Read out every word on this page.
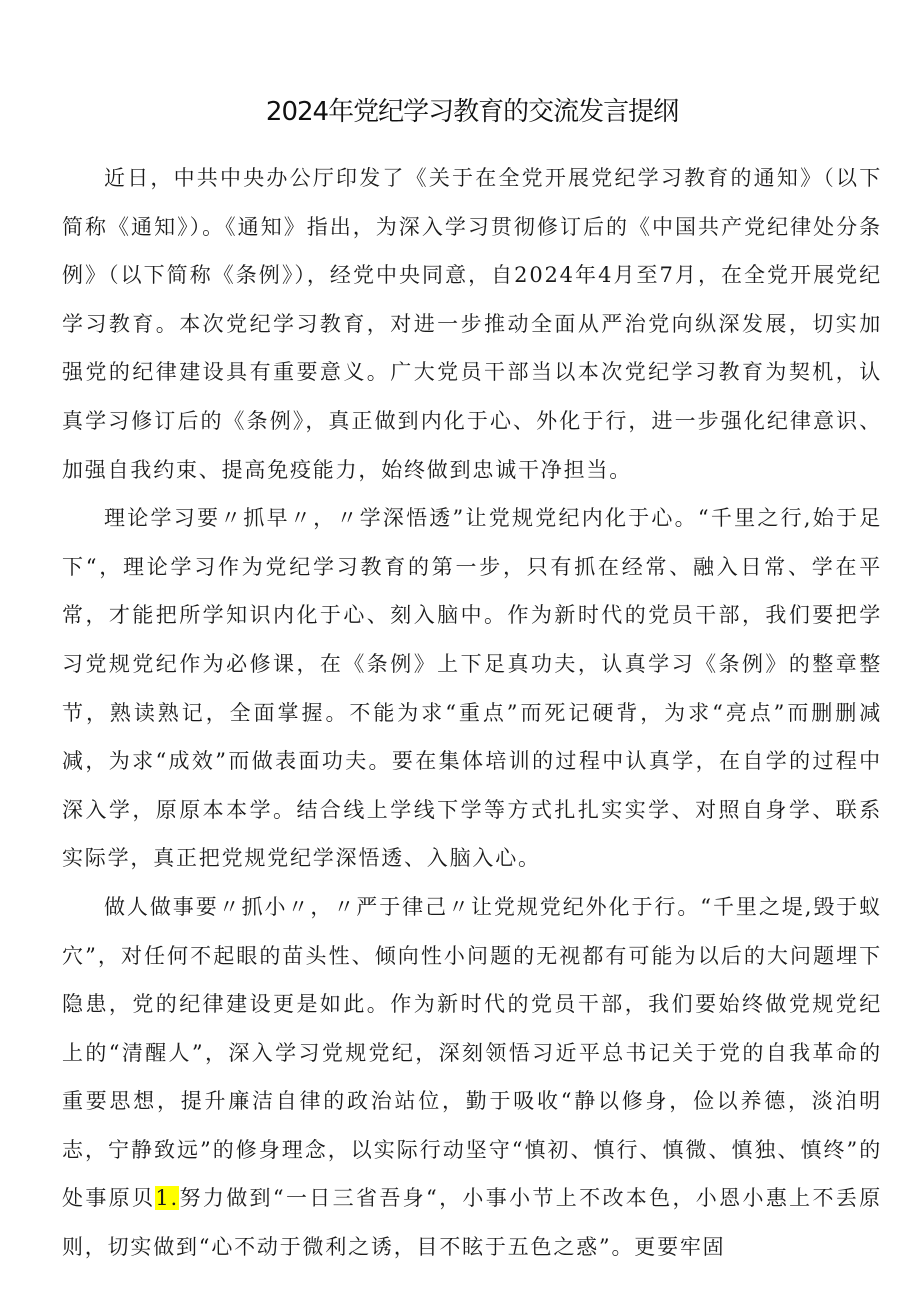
2024年党纪学习教育的交流发言提纲

近日，中共中央办公厅印发了《关于在全党开展党纪学习教育的通知》（以下简称《通知》）。《通知》指出，为深入学习贯彻修订后的《中国共产党纪律处分条例》（以下简称《条例》），经党中央同意，自2024年4月至7月，在全党开展党纪学习教育。本次党纪学习教育，对进一步推动全面从严治党向纵深发展，切实加强党的纪律建设具有重要意义。广大党员干部当以本次党纪学习教育为契机，认真学习修订后的《条例》，真正做到内化于心、外化于行，进一步强化纪律意识、加强自我约束、提高免疫能力，始终做到忠诚干净担当。

理论学习要〃抓早〃，〃学深悟透”让党规党纪内化于心。“千里之行,始于足下“，理论学习作为党纪学习教育的第一步，只有抓在经常、融入日常、学在平常，才能把所学知识内化于心、刻入脑中。作为新时代的党员干部，我们要把学习党规党纪作为必修课，在《条例》上下足真功夫，认真学习《条例》的整章整节，熟读熟记，全面掌握。不能为求“重点”而死记硬背，为求“亮点”而删删减减，为求“成效”而做表面功夫。要在集体培训的过程中认真学，在自学的过程中深入学，原原本本学。结合线上学线下学等方式扎扎实实学、对照自身学、联系实际学，真正把党规党纪学深悟透、入脑入心。

做人做事要〃抓小〃，〃严于律己〃让党规党纪外化于行。“千里之堤,毁于蚁穴”，对任何不起眼的苗头性、倾向性小问题的无视都有可能为以后的大问题埋下隐患，党的纪律建设更是如此。作为新时代的党员干部，我们要始终做党规党纪上的“清醒人”，深入学习党规党纪，深刻领悟习近平总书记关于党的自我革命的重要思想，提升廉洁自律的政治站位，勤于吸收“静以修身，俭以养德，淡泊明志，宁静致远”的修身理念，以实际行动坚守“慎初、慎行、慎微、慎独、慎终”的处事原贝1.努力做到“一日三省吾身“，小事小节上不改本色，小恩小惠上不丢原则，切实做到“心不动于微利之诱，目不眩于五色之惑”。更要牢固
